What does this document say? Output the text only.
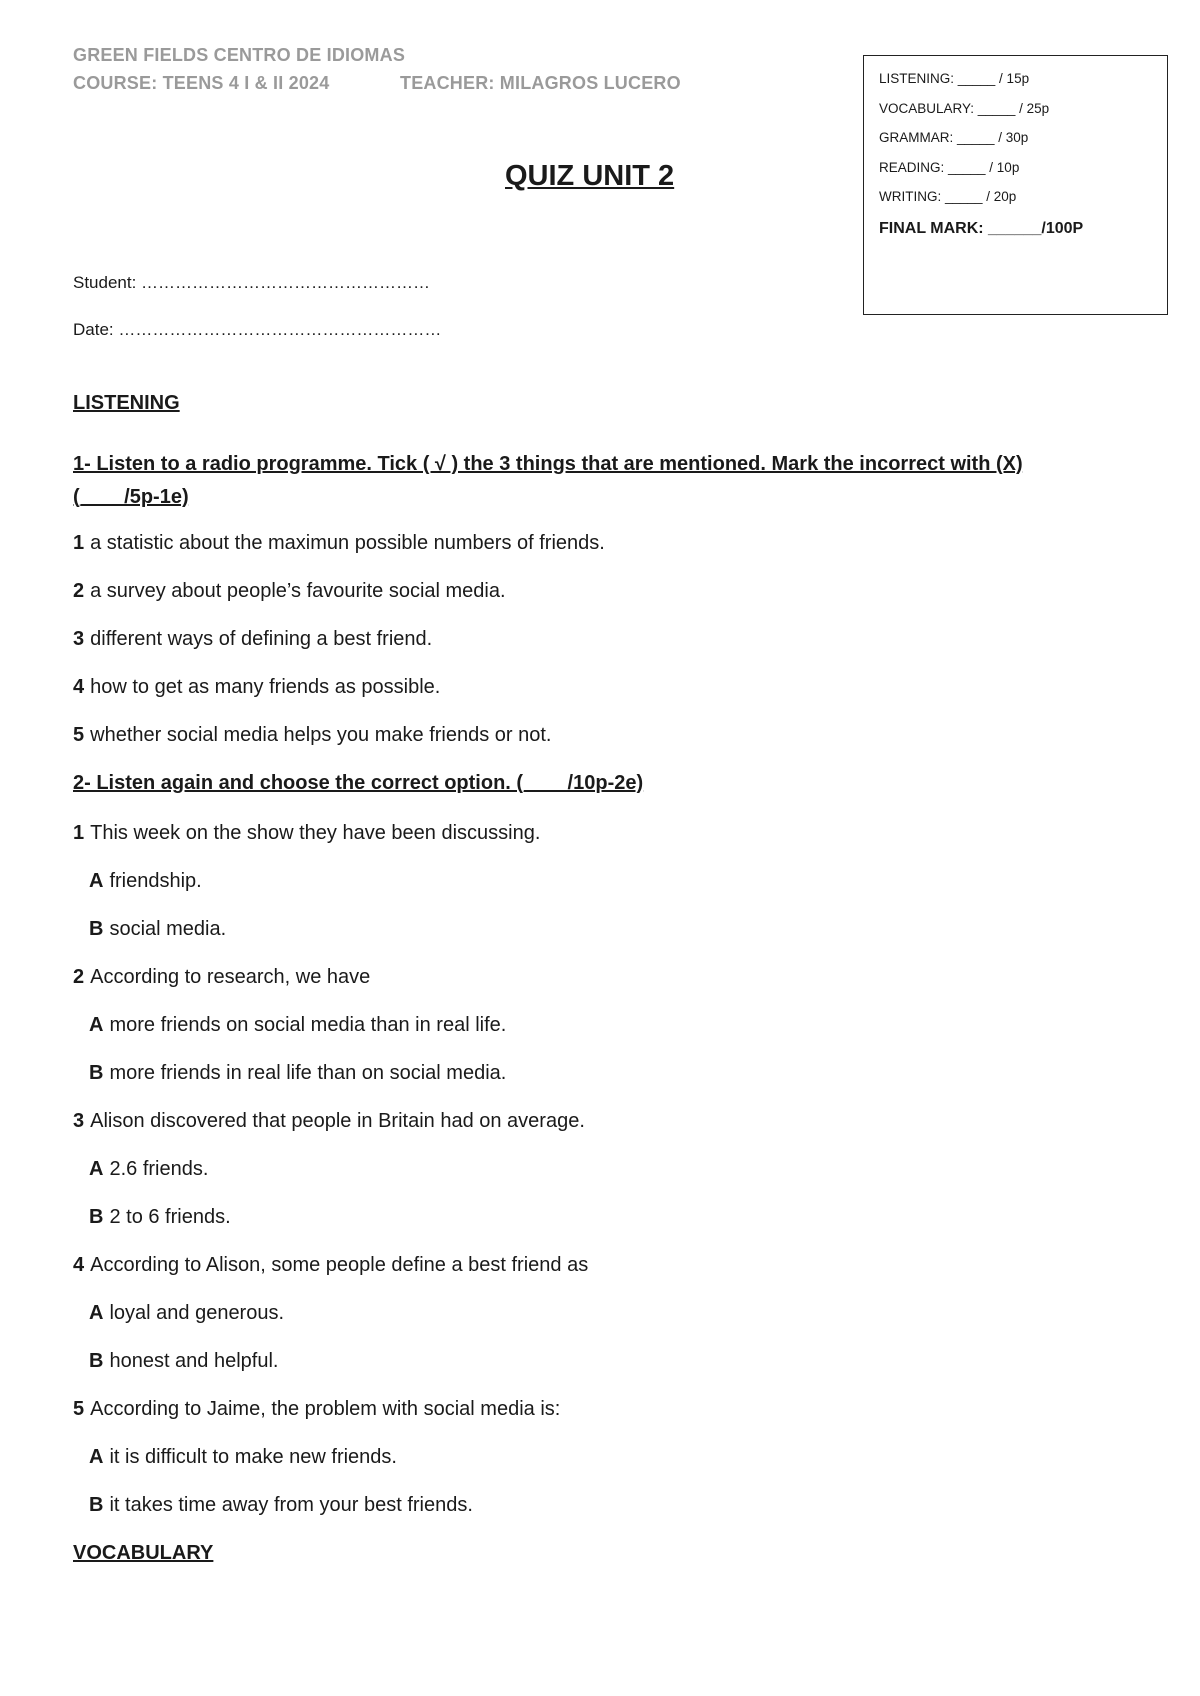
GREEN FIELDS CENTRO DE IDIOMAS
COURSE: TEENS 4 I & II 2024	TEACHER: MILAGROS LUCERO	LISTENING: _____ / 15p
VOCABULARY: _____ / 25p
GRAMMAR: _____ / 30p
READING: _____ / 10p
WRITING: _____ / 20p
FINAL MARK: ______/100P
QUIZ UNIT 2
Student: ……………………………………………
Date: …………………………………………………
LISTENING
1- Listen to a radio programme. Tick ( √ ) the 3 things that are mentioned. Mark the incorrect with (X)
(____/5p-1e)
1 a statistic about the maximun possible numbers of friends.
2 a survey about people’s favourite social media.
3 different ways of defining a best friend.
4 how to get as many friends as possible.
5 whether social media helps you make friends or not.
2- Listen again and choose the correct option. (____/10p-2e)
1 This week on the show they have been discussing.
A friendship.
B social media.
2 According to research, we have
A more friends on social media than in real life.
B more friends in real life than on social media.
3 Alison discovered that people in Britain had on average.
A 2.6 friends.
B 2 to 6 friends.
4 According to Alison, some people define a best friend as
A loyal and generous.
B honest and helpful.
5 According to Jaime, the problem with social media is:
A it is difficult to make new friends.
B it takes time away from your best friends.
VOCABULARY
